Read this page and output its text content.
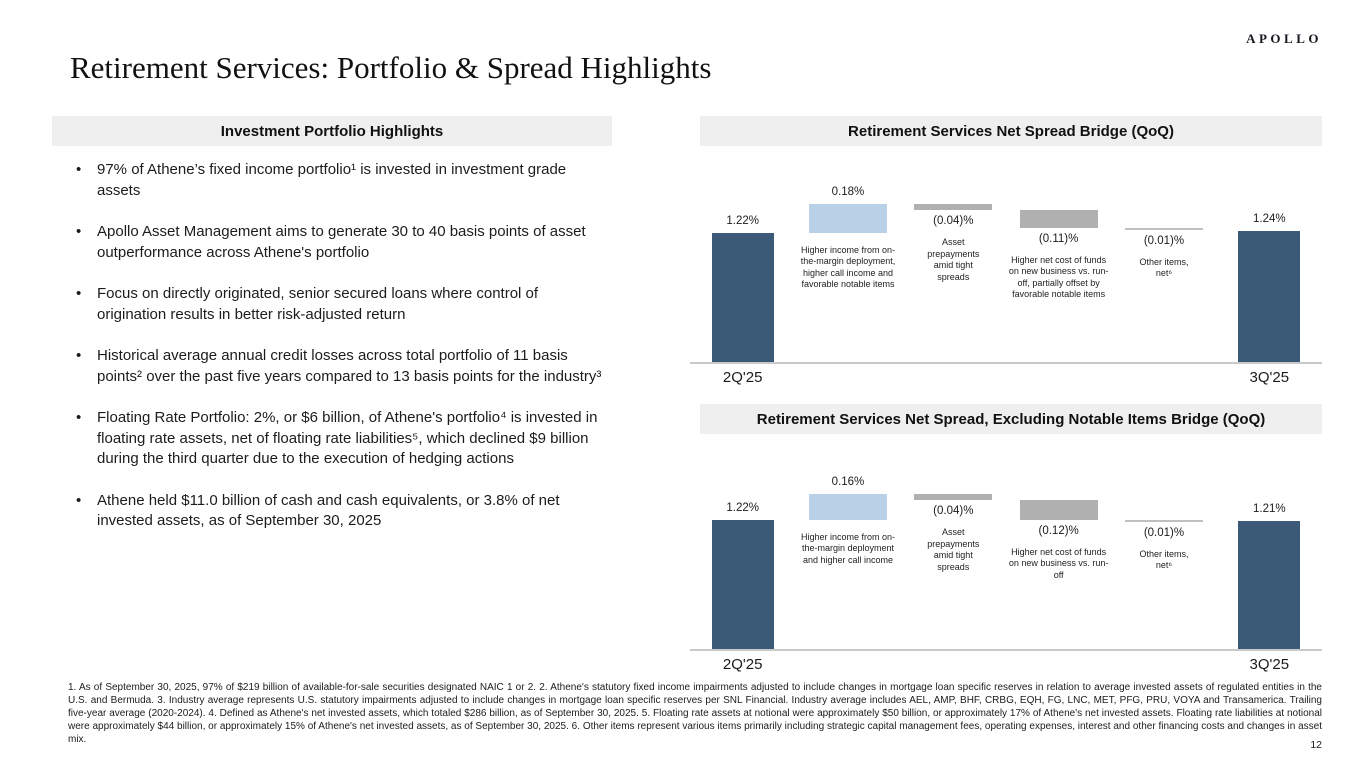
APOLLO
Retirement Services: Portfolio & Spread Highlights
Investment Portfolio Highlights
• 97% of Athene’s fixed income portfolio¹ is invested in investment grade assets
• Apollo Asset Management aims to generate 30 to 40 basis points of asset outperformance across Athene's portfolio
• Focus on directly originated, senior secured loans where control of origination results in better risk-adjusted return
• Historical average annual credit losses across total portfolio of 11 basis points² over the past five years compared to 13 basis points for the industry³
• Floating Rate Portfolio: 2%, or $6 billion, of Athene's portfolio⁴ is invested in floating rate assets, net of floating rate liabilities⁵, which declined $9 billion during the third quarter due to the execution of hedging actions
• Athene held $11.0 billion of cash and cash equivalents, or 3.8% of net invested assets, as of September 30, 2025
Retirement Services Net Spread Bridge (QoQ)
1.22%
2Q'25
0.18%
Higher income from on-the-margin deployment, higher call income and favorable notable items
(0.04)%
Asset prepayments amid tight spreads
(0.11)%
Higher net cost of funds on new business vs. run-off, partially offset by favorable notable items
(0.01)%
Other items, net⁶
1.24%
3Q'25
Retirement Services Net Spread, Excluding Notable Items Bridge (QoQ)
1.22%
2Q'25
0.16%
Higher income from on-the-margin deployment and higher call income
(0.04)%
Asset prepayments amid tight spreads
(0.12)%
Higher net cost of funds on new business vs. run-off
(0.01)%
Other items, net⁶
1.21%
3Q'25
1. As of September 30, 2025, 97% of $219 billion of available-for-sale securities designated NAIC 1 or 2. 2. Athene's statutory fixed income impairments adjusted to include changes in mortgage loan specific reserves in relation to average invested assets of regulated entities in the U.S. and Bermuda. 3. Industry average represents U.S. statutory impairments adjusted to include changes in mortgage loan specific reserves per SNL Financial. Industry average includes AEL, AMP, BHF, CRBG, EQH, FG, LNC, MET, PFG, PRU, VOYA and Transamerica. Trailing five-year average (2020-2024). 4. Defined as Athene's net invested assets, which totaled $286 billion, as of September 30, 2025. 5. Floating rate assets at notional were approximately $50 billion, or approximately 17% of Athene's net invested assets. Floating rate liabilities at notional were approximately $44 billion, or approximately 15% of Athene's net invested assets, as of September 30, 2025. 6. Other items represent various items primarily including strategic capital management fees, operating expenses, interest and other financing costs and changes in asset mix.	12
